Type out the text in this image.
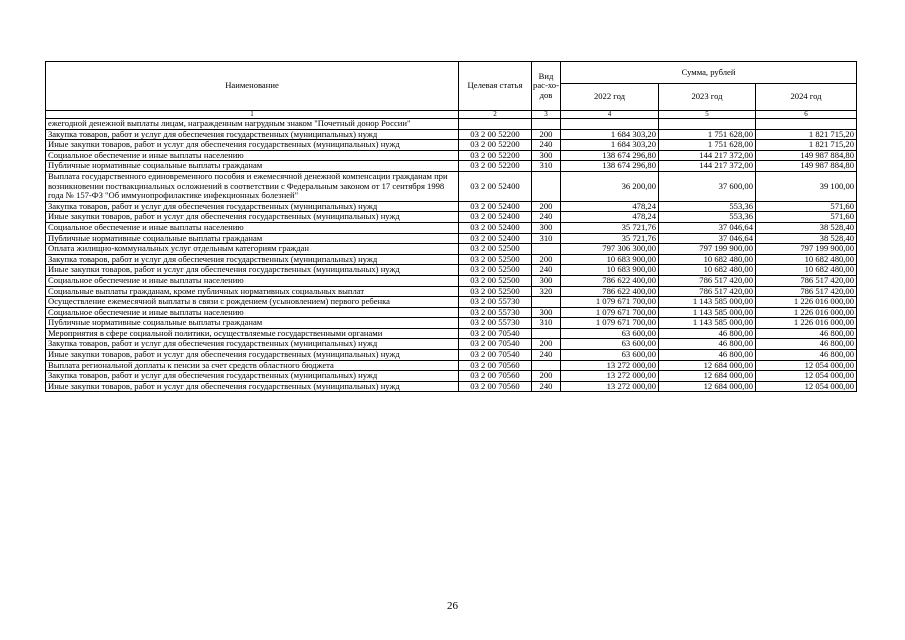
Наименование	Целевая статья	Вид рас-хо-дов	Сумма, рублей		
			2022 год	2023 год	2024 год
1	2	3	4	5	6
ежегодной денежной выплаты лицам, награжденным нагрудным знаком "Почетный донор России"					
Закупка товаров, работ и услуг для обеспечения государственных (муниципальных) нужд	03 2 00 52200	200	1 684 303,20	1 751 628,00	1 821 715,20
Иные закупки товаров, работ и услуг для обеспечения государственных (муниципальных) нужд	03 2 00 52200	240	1 684 303,20	1 751 628,00	1 821 715,20
Социальное обеспечение и иные выплаты населению	03 2 00 52200	300	138 674 296,80	144 217 372,00	149 987 884,80
Публичные нормативные социальные выплаты гражданам	03 2 00 52200	310	138 674 296,80	144 217 372,00	149 987 884,80
Выплата государственного единовременного пособия и ежемесячной денежной компенсации гражданам при возникновении поствакцинальных осложнений в соответствии с Федеральным законом от 17 сентября 1998 года № 157-ФЗ "Об иммунопрофилактике инфекционных болезней"	03 2 00 52400		36 200,00	37 600,00	39 100,00
Закупка товаров, работ и услуг для обеспечения государственных (муниципальных) нужд	03 2 00 52400	200	478,24	553,36	571,60
Иные закупки товаров, работ и услуг для обеспечения государственных (муниципальных) нужд	03 2 00 52400	240	478,24	553,36	571,60
Социальное обеспечение и иные выплаты населению	03 2 00 52400	300	35 721,76	37 046,64	38 528,40
Публичные нормативные социальные выплаты гражданам	03 2 00 52400	310	35 721,76	37 046,64	38 528,40
Оплата жилищно-коммунальных услуг отдельным категориям граждан	03 2 00 52500		797 306 300,00	797 199 900,00	797 199 900,00
Закупка товаров, работ и услуг для обеспечения государственных (муниципальных) нужд	03 2 00 52500	200	10 683 900,00	10 682 480,00	10 682 480,00
Иные закупки товаров, работ и услуг для обеспечения государственных (муниципальных) нужд	03 2 00 52500	240	10 683 900,00	10 682 480,00	10 682 480,00
Социальное обеспечение и иные выплаты населению	03 2 00 52500	300	786 622 400,00	786 517 420,00	786 517 420,00
Социальные выплаты гражданам, кроме публичных нормативных социальных выплат	03 2 00 52500	320	786 622 400,00	786 517 420,00	786 517 420,00
Осуществление ежемесячной выплаты в связи с рождением (усыновлением) первого ребенка	03 2 00 55730		1 079 671 700,00	1 143 585 000,00	1 226 016 000,00
Социальное обеспечение и иные выплаты населению	03 2 00 55730	300	1 079 671 700,00	1 143 585 000,00	1 226 016 000,00
Публичные нормативные социальные выплаты гражданам	03 2 00 55730	310	1 079 671 700,00	1 143 585 000,00	1 226 016 000,00
Мероприятия в сфере социальной политики, осуществляемые государственными органами	03 2 00 70540		63 600,00	46 800,00	46 800,00
Закупка товаров, работ и услуг для обеспечения государственных (муниципальных) нужд	03 2 00 70540	200	63 600,00	46 800,00	46 800,00
Иные закупки товаров, работ и услуг для обеспечения государственных (муниципальных) нужд	03 2 00 70540	240	63 600,00	46 800,00	46 800,00
Выплата региональной доплаты к пенсии за счет средств областного бюджета	03 2 00 70560		13 272 000,00	12 684 000,00	12 054 000,00
Закупка товаров, работ и услуг для обеспечения государственных (муниципальных) нужд	03 2 00 70560	200	13 272 000,00	12 684 000,00	12 054 000,00
Иные закупки товаров, работ и услуг для обеспечения государственных (муниципальных) нужд	03 2 00 70560	240	13 272 000,00	12 684 000,00	12 054 000,00
26
